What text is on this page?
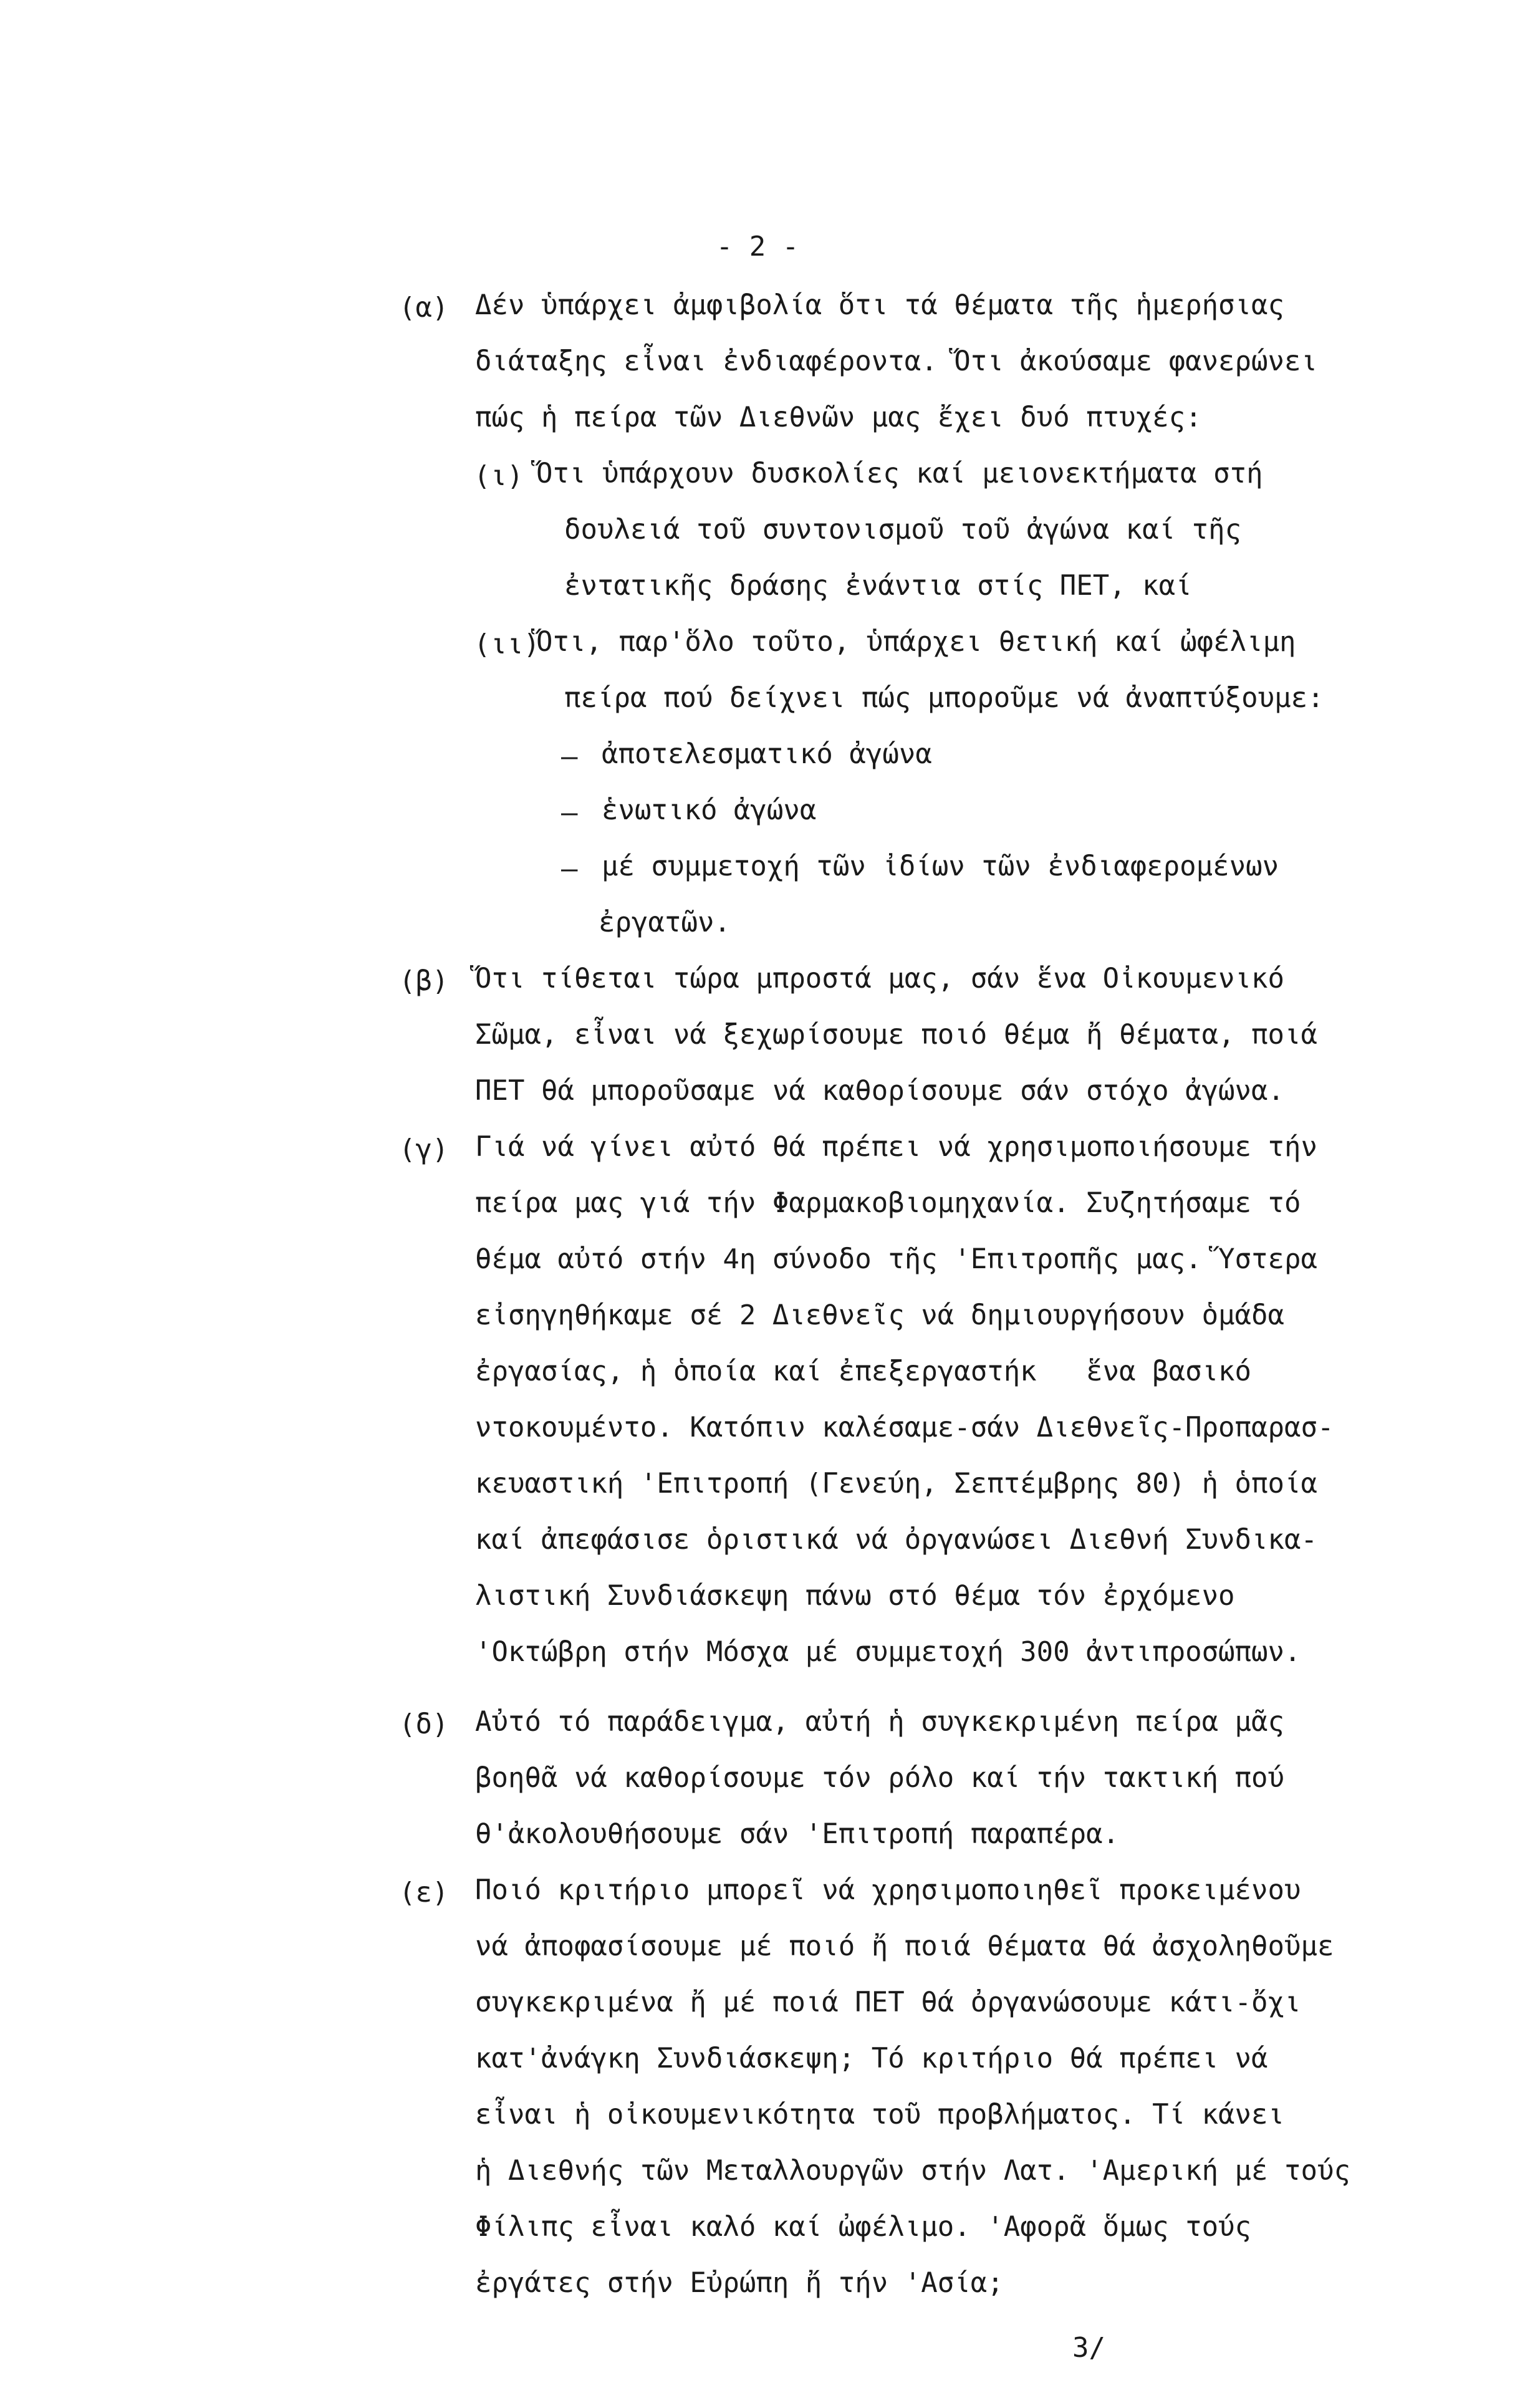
- 2 -
(α) Δέν ὑπάρχει ἀμφιβολία ὅτι τά θέματα τῆς ἡμερήσιας
διάταξης εἶναι ἐνδιαφέροντα. Ὅτι ἀκούσαμε φανερώνει
πώς ἡ πείρα τῶν Διεθνῶν μας ἔχει δυό πτυχές:
(ι) Ὅτι ὑπάρχουν δυσκολίες καί μειονεκτήματα στή
δουλειά τοῦ συντονισμοῦ τοῦ ἀγώνα καί τῆς
ἐντατικῆς δράσης ἐνάντια στίς ΠΕΤ, καί
(ιι)
Ὅτι, παρ'ὅλο τοῦτο, ὑπάρχει θετική καί ὠφέλιμη
πείρα πού δείχνει πώς μποροῦμε νά ἀναπτύξουμε:
– ἀποτελεσματικό ἀγώνα
– ἑνωτικό ἀγώνα
– μέ συμμετοχή τῶν ἰδίων τῶν ἐνδιαφερομένων
ἐργατῶν.
(β) Ὅτι τίθεται τώρα μπροστά μας, σάν ἕνα Οἰκουμενικό
Σῶμα, εἶναι νά ξεχωρίσουμε ποιό θέμα ἤ θέματα, ποιά
ΠΕΤ θά μποροῦσαμε νά καθορίσουμε σάν στόχο ἀγώνα.
(γ) Γιά νά γίνει αὐτό θά πρέπει νά χρησιμοποιήσουμε τήν
πείρα μας γιά τήν Φαρμακοβιομηχανία. Συζητήσαμε τό
θέμα αὐτό στήν 4η σύνοδο τῆς 'Επιτροπῆς μας. Ὕστερα
εἰσηγηθήκαμε σέ 2 Διεθνεῖς νά δημιουργήσουν ὁμάδα
ἐργασίας, ἡ ὁποία καί ἐπεξεργαστήκ   ἕνα βασικό
ντοκουμέντο. Κατόπιν καλέσαμε-σάν Διεθνεῖς-Προπαρασ-
κευαστική 'Επιτροπή (Γενεύη, Σεπτέμβρης 80) ἡ ὁποία
καί ἀπεφάσισε ὁριστικά νά ὀργανώσει Διεθνή Συνδικα-
λιστική Συνδιάσκεψη πάνω στό θέμα τόν ἐρχόμενο
'Οκτώβρη στήν Μόσχα μέ συμμετοχή 300 ἀντιπροσώπων.
(δ) Αὐτό τό παράδειγμα, αὐτή ἡ συγκεκριμένη πείρα μᾶς
βοηθᾶ νά καθορίσουμε τόν ρόλο καί τήν τακτική πού
θ'ἀκολουθήσουμε σάν 'Επιτροπή παραπέρα.
(ε) Ποιό κριτήριο μπορεῖ νά χρησιμοποιηθεῖ προκειμένου
νά ἀποφασίσουμε μέ ποιό ἤ ποιά θέματα θά ἀσχοληθοῦμε
συγκεκριμένα ἤ μέ ποιά ΠΕΤ θά ὀργανώσουμε κάτι-ὄχι
κατ'ἀνάγκη Συνδιάσκεψη; Τό κριτήριο θά πρέπει νά
εἶναι ἡ οἰκουμενικότητα τοῦ προβλήματος. Τί κάνει
ἡ Διεθνής τῶν Μεταλλουργῶν στήν Λατ. 'Αμερική μέ τούς
Φίλιπς εἶναι καλό καί ὠφέλιμο. 'Αφορᾶ ὅμως τούς
ἐργάτες στήν Εὐρώπη ἤ τήν 'Ασία;
3/
